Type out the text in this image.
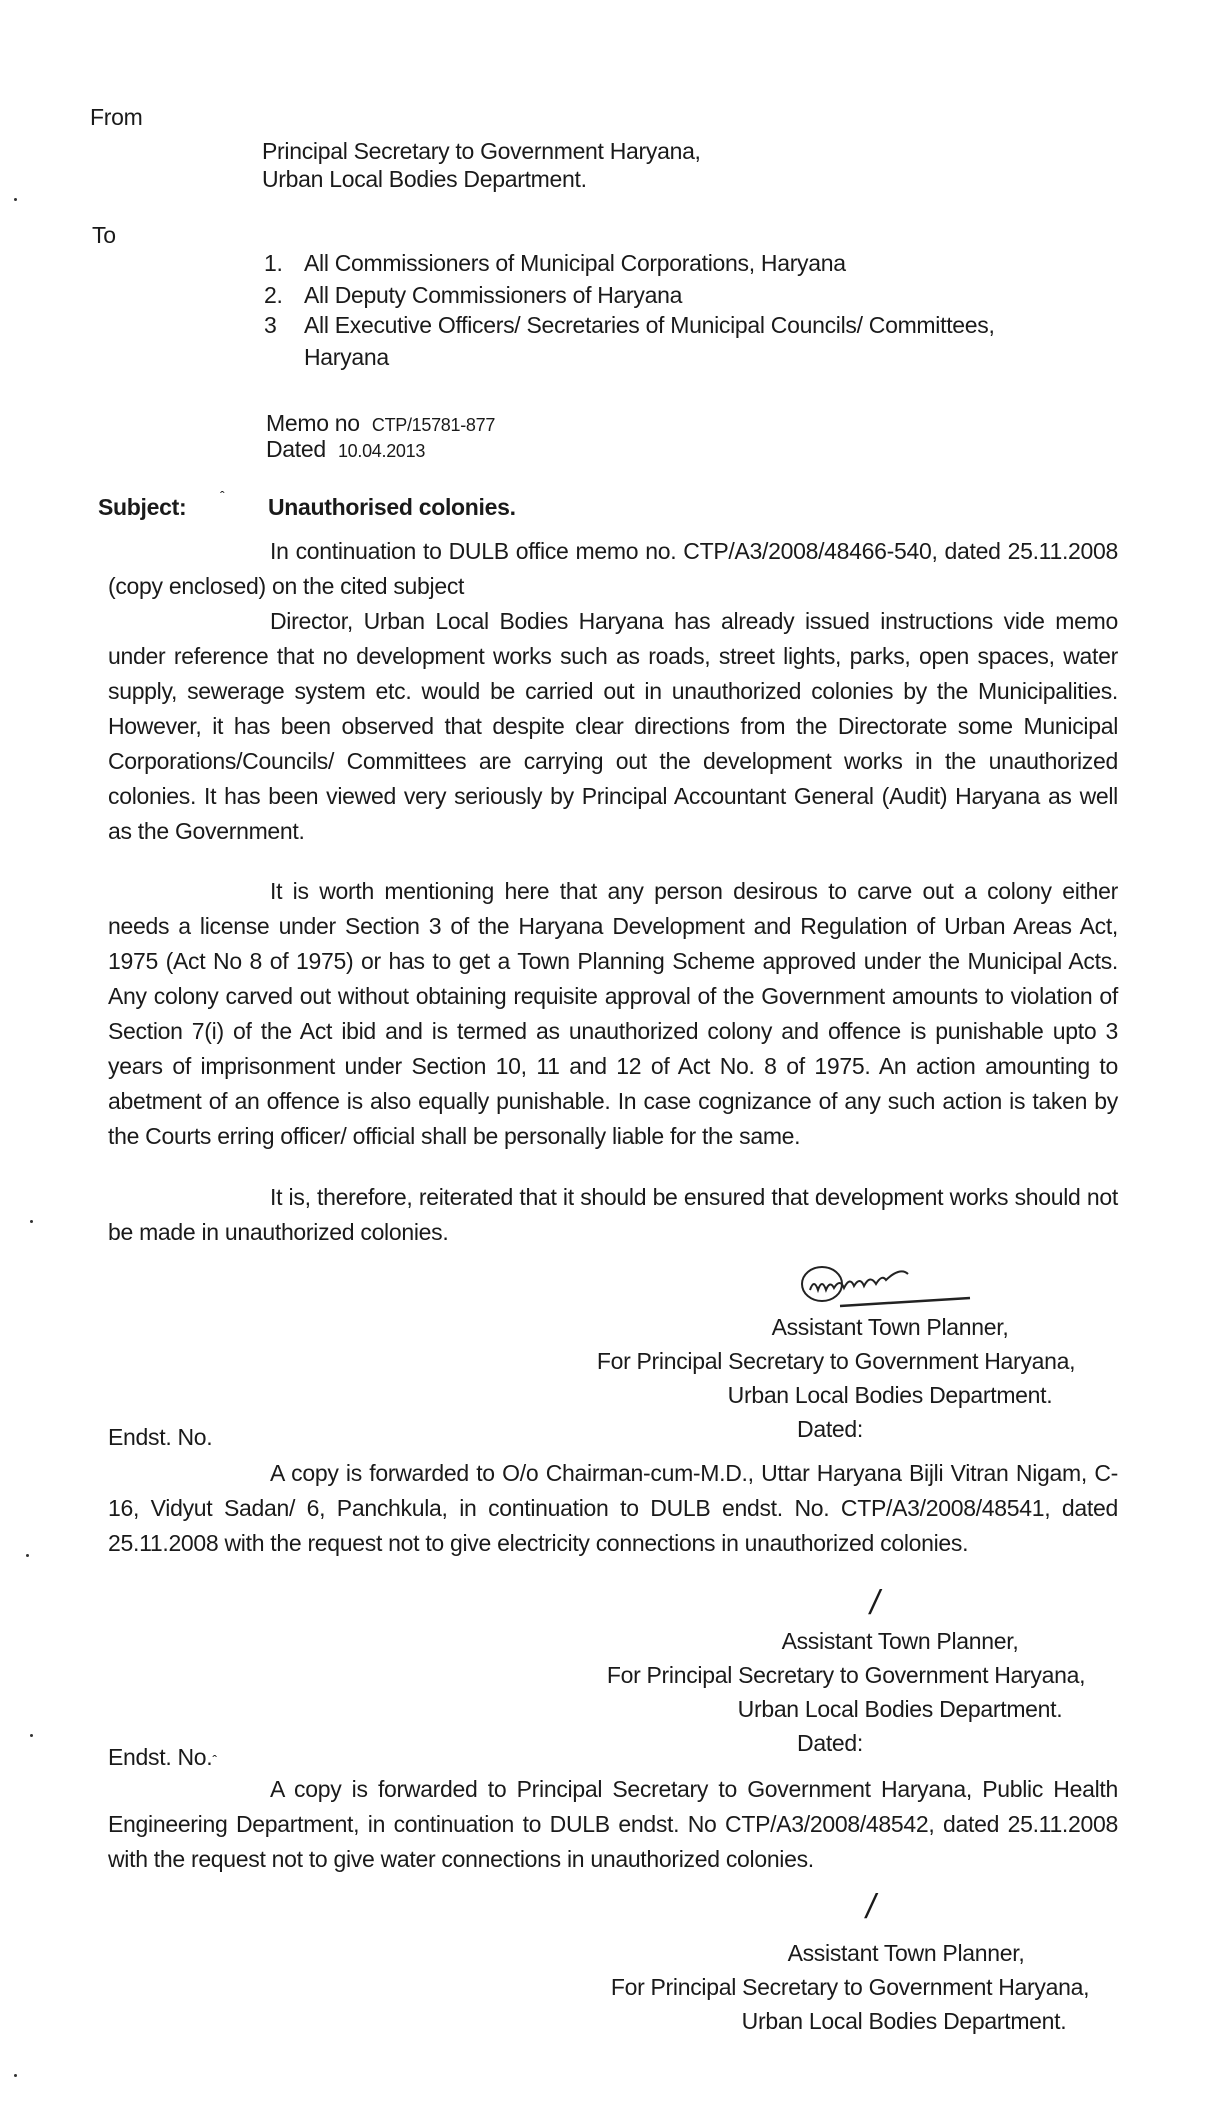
From
Principal Secretary to Government Haryana,
Urban Local Bodies Department.
To
1. All Commissioners of Municipal Corporations, Haryana
2. All Deputy Commissioners of Haryana
3 All Executive Officers/ Secretaries of Municipal Councils/ Committees,
Haryana
Memo no CTP/15781-877
Dated 10.04.2013
Subject: ˆ Unauthorised colonies.
In continuation to DULB office memo no. CTP/A3/2008/48466-540, dated 25.11.2008 (copy enclosed) on the cited subject
Director, Urban Local Bodies Haryana has already issued instructions vide memo under reference that no development works such as roads, street lights, parks, open spaces, water supply, sewerage system etc. would be carried out in unauthorized colonies by the Municipalities. However, it has been observed that despite clear directions from the Directorate some Municipal Corporations/Councils/ Committees are carrying out the development works in the unauthorized colonies. It has been viewed very seriously by Principal Accountant General (Audit) Haryana as well as the Government.
It is worth mentioning here that any person desirous to carve out a colony either needs a license under Section 3 of the Haryana Development and Regulation of Urban Areas Act, 1975 (Act No 8 of 1975) or has to get a Town Planning Scheme approved under the Municipal Acts. Any colony carved out without obtaining requisite approval of the Government amounts to violation of Section 7(i) of the Act ibid and is termed as unauthorized colony and offence is punishable upto 3 years of imprisonment under Section 10, 11 and 12 of Act No. 8 of 1975. An action amounting to abetment of an offence is also equally punishable. In case cognizance of any such action is taken by the Courts erring officer/ official shall be personally liable for the same.
It is, therefore, reiterated that it should be ensured that development works should not be made in unauthorized colonies.
Assistant Town Planner,
For Principal Secretary to Government Haryana,
Urban Local Bodies Department.
Dated:
Endst. No.
A copy is forwarded to O/o Chairman-cum-M.D., Uttar Haryana Bijli Vitran Nigam, C-16, Vidyut Sadan/ 6, Panchkula, in continuation to DULB endst. No. CTP/A3/2008/48541, dated 25.11.2008 with the request not to give electricity connections in unauthorized colonies.
/
Assistant Town Planner,
For Principal Secretary to Government Haryana,
Urban Local Bodies Department.
Dated:
Endst. No.ˆ
A copy is forwarded to Principal Secretary to Government Haryana, Public Health Engineering Department, in continuation to DULB endst. No CTP/A3/2008/48542, dated 25.11.2008 with the request not to give water connections in unauthorized colonies.
/
Assistant Town Planner,
For Principal Secretary to Government Haryana,
Urban Local Bodies Department.
